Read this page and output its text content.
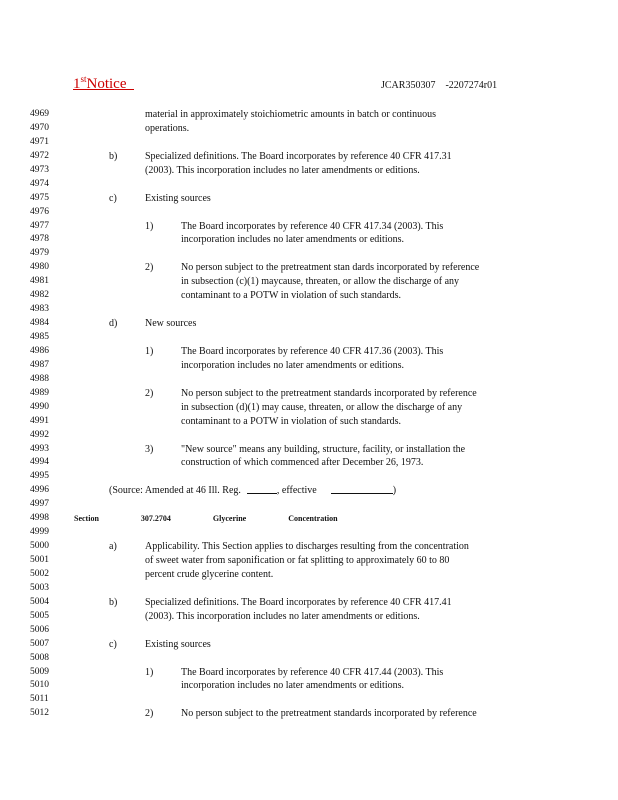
1stNotice	JCAR350307    -2207274r01
4969	material in approximately stoichiometric amounts in batch or continuous
4970	operations.
4971
4972	b)	Specialized definitions. The Board incorporates by reference 40 CFR 417.31
4973	(2003). This incorporation includes no later amendments or editions.
4974
4975	c)	Existing sources
4976
4977	1)	The Board incorporates by reference 40 CFR 417.34 (2003). This
4978	incorporation includes no later amendments or editions.
4979
4980	2)	No person subject to the pretreatment stan dards incorporated by reference
4981	in subsection (c)(1) maycause, threaten, or allow the discharge of any
4982	contaminant to a POTW in violation of such standards.
4983
4984	d)	New sources
4985
4986	1)	The Board incorporates by reference 40 CFR 417.36 (2003). This
4987	incorporation includes no later amendments or editions.
4988
4989	2)	No person subject to the pretreatment standards incorporated by reference
4990	in subsection (d)(1) may cause, threaten, or allow the discharge of any
4991	contaminant to a POTW in violation of such standards.
4992
4993	3)	"New source" means any building, structure, facility, or installation the
4994	construction of which commenced after December 26, 1973.
4995
4996	(Source: Amended at 46 Ill. Reg.	, effective	)
4997
4998	Section	307.2704	Glycerine	Concentration
4999
5000	a)	Applicability. This Section applies to discharges resulting from the concentration
5001	of sweet water from saponification or fat splitting to approximately 60 to 80
5002	percent crude glycerine content.
5003
5004	b)	Specialized definitions. The Board incorporates by reference 40 CFR 417.41
5005	(2003). This incorporation includes no later amendments or editions.
5006
5007	c)	Existing sources
5008
5009	1)	The Board incorporates by reference 40 CFR 417.44 (2003). This
5010	incorporation includes no later amendments or editions.
5011
5012	2)	No person subject to the pretreatment standards incorporated by reference
